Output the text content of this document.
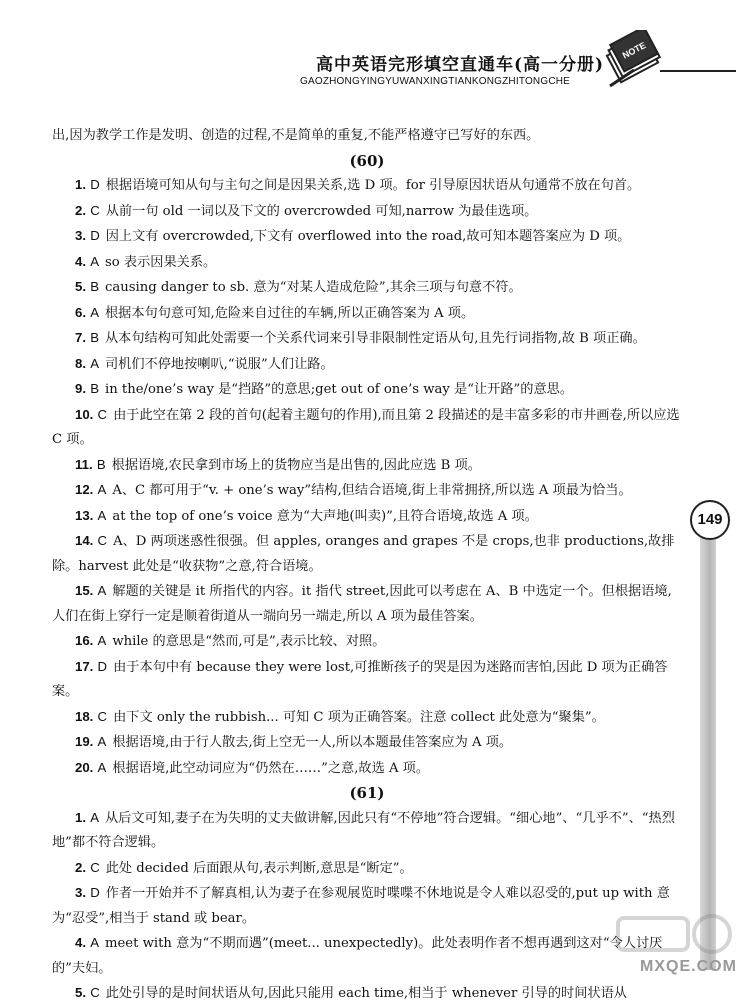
高中英语完形填空直通车(高一分册)
GAOZHONGYINGYUWANXINGTIANKONGZHITONGCHE
NOTE

出,因为教学工作是发明、创造的过程,不是简单的重复,不能严格遵守已写好的东西。

(60)

1. D 根据语境可知从句与主句之间是因果关系,选 D 项。for 引导原因状语从句通常不放在句首。

2. C 从前一句 old 一词以及下文的 overcrowded 可知,narrow 为最佳选项。

3. D 因上文有 overcrowded,下文有 overflowed into the road,故可知本题答案应为 D 项。

4. A so 表示因果关系。

5. B causing danger to sb. 意为“对某人造成危险”,其余三项与句意不符。

6. A 根据本句句意可知,危险来自过往的车辆,所以正确答案为 A 项。

7. B 从本句结构可知此处需要一个关系代词来引导非限制性定语从句,且先行词指物,故 B 项正确。

8. A 司机们不停地按喇叭,“说服”人们让路。

9. B in the/one’s way 是“挡路”的意思;get out of one’s way 是“让开路”的意思。

10. C 由于此空在第 2 段的首句(起着主题句的作用),而且第 2 段描述的是丰富多彩的市井画卷,所以应选 C 项。

11. B 根据语境,农民拿到市场上的货物应当是出售的,因此应选 B 项。

12. A A、C 都可用于“v. + one’s way”结构,但结合语境,街上非常拥挤,所以选 A 项最为恰当。

13. A at the top of one’s voice 意为“大声地(叫卖)”,且符合语境,故选 A 项。

14. C A、D 两项迷惑性很强。但 apples, oranges and grapes 不是 crops,也非 productions,故排除。harvest 此处是“收获物”之意,符合语境。

15. A 解题的关键是 it 所指代的内容。it 指代 street,因此可以考虑在 A、B 中选定一个。但根据语境,人们在街上穿行一定是顺着街道从一端向另一端走,所以 A 项为最佳答案。

16. A while 的意思是“然而,可是”,表示比较、对照。

17. D 由于本句中有 because they were lost,可推断孩子的哭是因为迷路而害怕,因此 D 项为正确答案。

18. C 由下文 only the rubbish... 可知 C 项为正确答案。注意 collect 此处意为“聚集”。

19. A 根据语境,由于行人散去,街上空无一人,所以本题最佳答案应为 A 项。

20. A 根据语境,此空动词应为“仍然在……”之意,故选 A 项。

(61)

1. A 从后文可知,妻子在为失明的丈夫做讲解,因此只有“不停地”符合逻辑。“细心地”、“几乎不”、“热烈地”都不符合逻辑。

2. C 此处 decided 后面跟从句,表示判断,意思是“断定”。

3. D 作者一开始并不了解真相,认为妻子在参观展览时喋喋不休地说是令人难以忍受的,put up with 意为“忍受”,相当于 stand 或 bear。

4. A meet with 意为“不期而遇”(meet... unexpectedly)。此处表明作者不想再遇到这对“令人讨厌的”夫妇。

5. C 此处引导的是时间状语从句,因此只能用 each time,相当于 whenever 引导的时间状语从

149
MXQE.COM
